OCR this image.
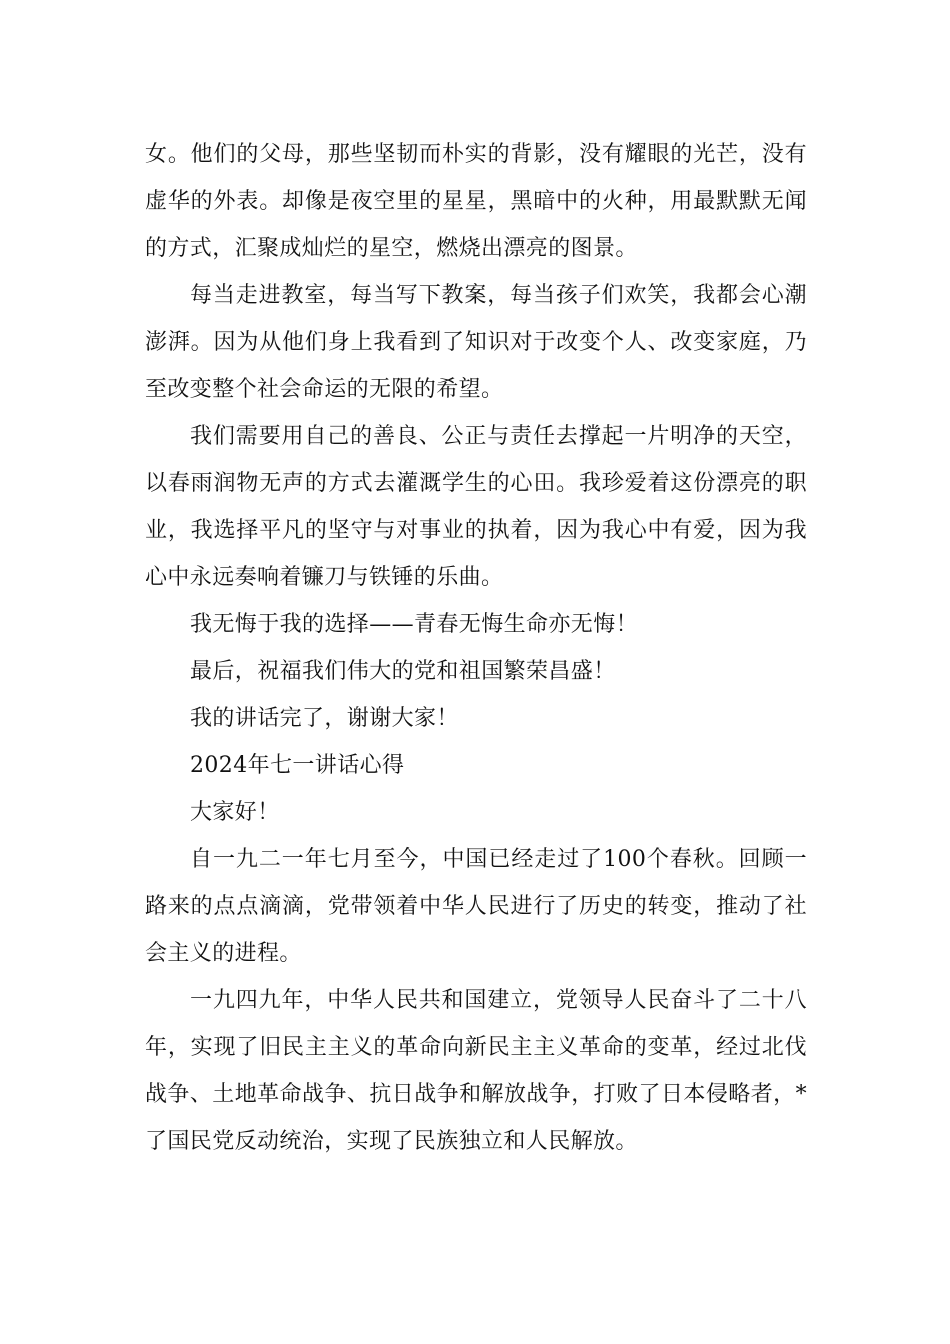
女。他们的父母，那些坚韧而朴实的背影，没有耀眼的光芒，没有虚华的外表。却像是夜空里的星星，黑暗中的火种，用最默默无闻的方式，汇聚成灿烂的星空，燃烧出漂亮的图景。

每当走进教室，每当写下教案，每当孩子们欢笑，我都会心潮澎湃。因为从他们身上我看到了知识对于改变个人、改变家庭，乃至改变整个社会命运的无限的希望。

我们需要用自己的善良、公正与责任去撑起一片明净的天空，以春雨润物无声的方式去灌溉学生的心田。我珍爱着这份漂亮的职业，我选择平凡的坚守与对事业的执着，因为我心中有爱，因为我心中永远奏响着镰刀与铁锤的乐曲。

我无悔于我的选择——青春无悔生命亦无悔！

最后，祝福我们伟大的党和祖国繁荣昌盛！

我的讲话完了，谢谢大家！

2024年七一讲话心得

大家好！

自一九二一年七月至今，中国已经走过了100个春秋。回顾一路来的点点滴滴，党带领着中华人民进行了历史的转变，推动了社会主义的进程。

一九四九年，中华人民共和国建立，党领导人民奋斗了二十八年，实现了旧民主主义的革命向新民主主义革命的变革，经过北伐战争、土地革命战争、抗日战争和解放战争，打败了日本侵略者，*了国民党反动统治，实现了民族独立和人民解放。
